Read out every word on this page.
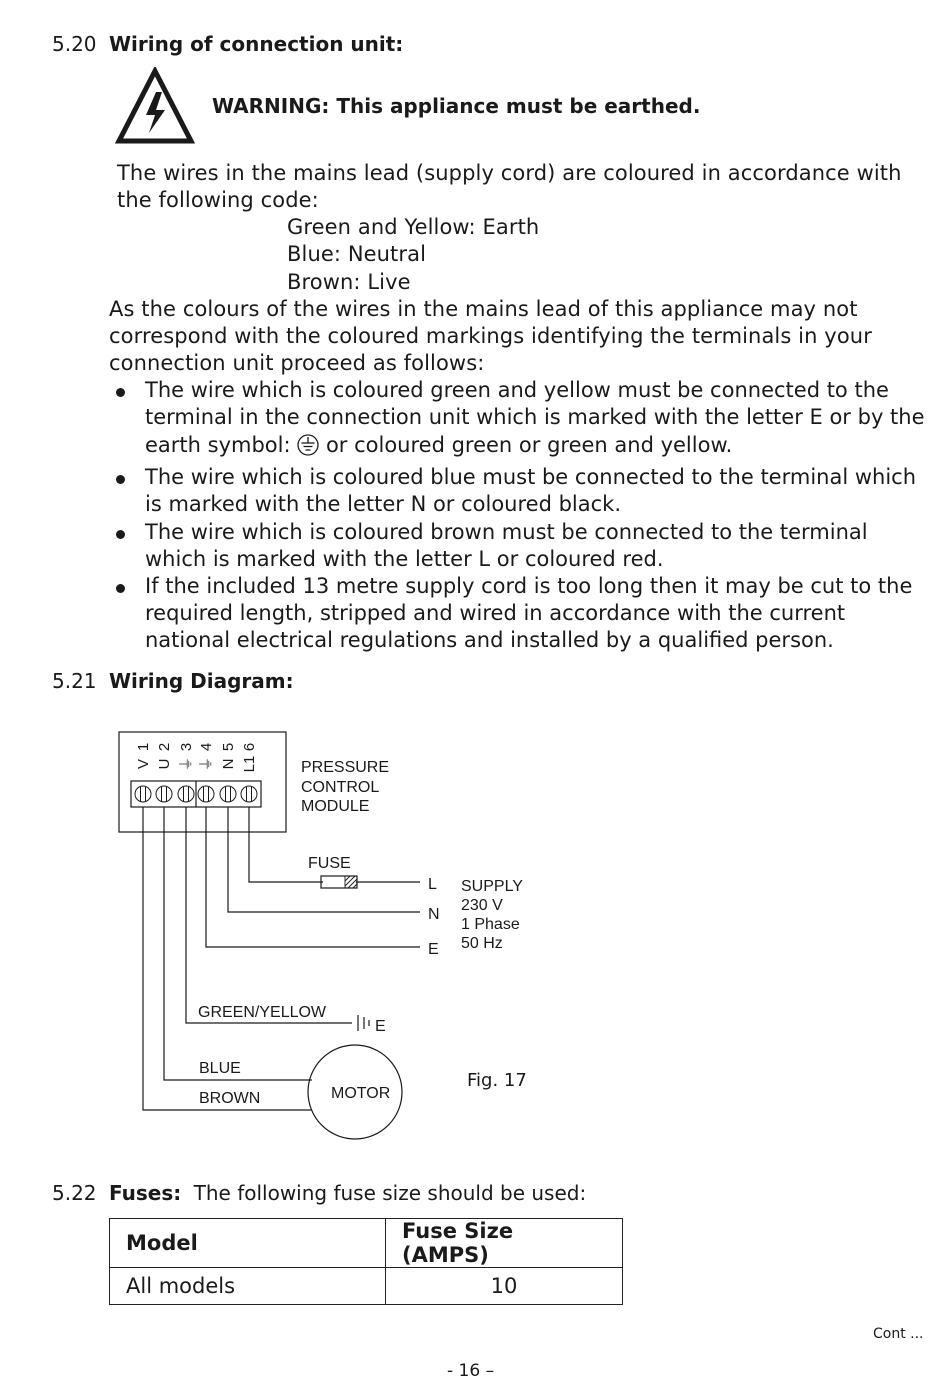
5.20 Wiring of connection unit:
WARNING: This appliance must be earthed.
The wires in the mains lead (supply cord) are coloured in accordance with
the following code:
Green and Yellow: Earth
Blue: Neutral
Brown: Live
As the colours of the wires in the mains lead of this appliance may not
correspond with the coloured markings identifying the terminals in your
connection unit proceed as follows:
The wire which is coloured green and yellow must be connected to the
terminal in the connection unit which is marked with the letter E or by the
earth symbol: or coloured green or green and yellow.
The wire which is coloured blue must be connected to the terminal which
is marked with the letter N or coloured black.
The wire which is coloured brown must be connected to the terminal
which is marked with the letter L or coloured red.
If the included 13 metre supply cord is too long then it may be cut to the
required length, stripped and wired in accordance with the current
national electrical regulations and installed by a qualified person.
5.21 Wiring Diagram:
1 2 3 4 5 6
V U ⏚ ⏚ N L1	PRESSURE
CONTROL
MODULE
FUSE
L
N
E
SUPPLY
230 V
1 Phase
50 Hz
GREEN/YELLOW
E
BLUE
BROWN	MOTOR
Fig. 17
5.22 Fuses: The following fuse size should be used:
Model	Fuse Size (AMPS)
All models	10
Cont ...
- 16 –
